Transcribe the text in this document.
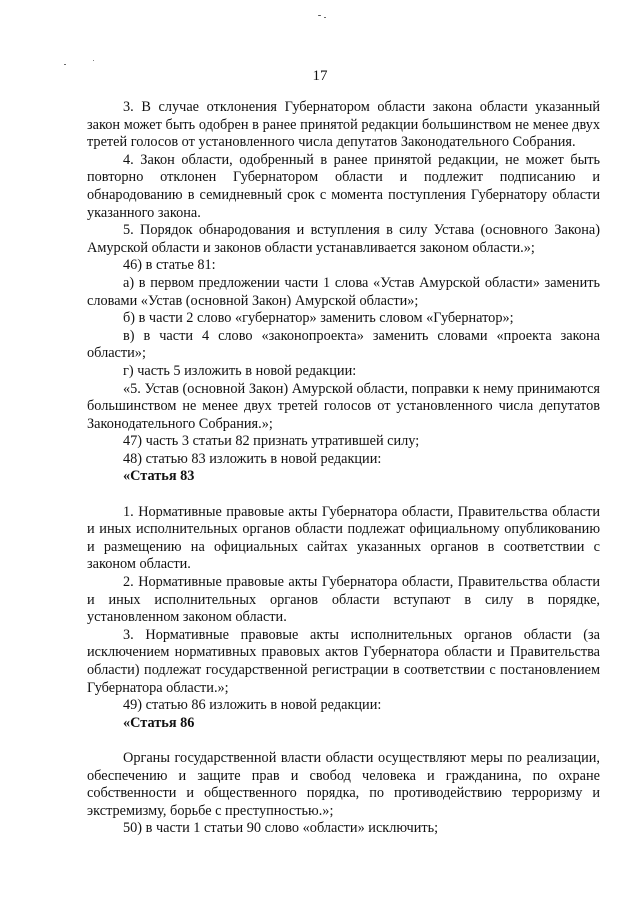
17

3. В случае отклонения Губернатором области закона области указанный закон может быть одобрен в ранее принятой редакции большинством не менее двух третей голосов от установленного числа депутатов Законодательного Собрания.

4. Закон области, одобренный в ранее принятой редакции, не может быть повторно отклонен Губернатором области и подлежит подписанию и обнародованию в семидневный срок с момента поступления Губернатору области указанного закона.

5. Порядок обнародования и вступления в силу Устава (основного Закона) Амурской области и законов области устанавливается законом области.»;

46) в статье 81:

а) в первом предложении части 1 слова «Устав Амурской области» заменить словами «Устав (основной Закон) Амурской области»;

б) в части 2 слово «губернатор» заменить словом «Губернатор»;

в) в части 4 слово «законопроекта» заменить словами «проекта закона области»;

г) часть 5 изложить в новой редакции:

«5. Устав (основной Закон) Амурской области, поправки к нему принимаются большинством не менее двух третей голосов от установленного числа депутатов Законодательного Собрания.»;

47) часть 3 статьи 82 признать утратившей силу;

48) статью 83 изложить в новой редакции:

«Статья 83

1. Нормативные правовые акты Губернатора области, Правительства области и иных исполнительных органов области подлежат официальному опубликованию и размещению на официальных сайтах указанных органов в соответствии с законом области.

2. Нормативные правовые акты Губернатора области, Правительства области и иных исполнительных органов области вступают в силу в порядке, установленном законом области.

3. Нормативные правовые акты исполнительных органов области (за исключением нормативных правовых актов Губернатора области и Правительства области) подлежат государственной регистрации в соответствии с постановлением Губернатора области.»;

49) статью 86 изложить в новой редакции:

«Статья 86

Органы государственной власти области осуществляют меры по реализации, обеспечению и защите прав и свобод человека и гражданина, по охране собственности и общественного порядка, по противодействию терроризму и экстремизму, борьбе с преступностью.»;

50) в части 1 статьи 90 слово «области» исключить;
